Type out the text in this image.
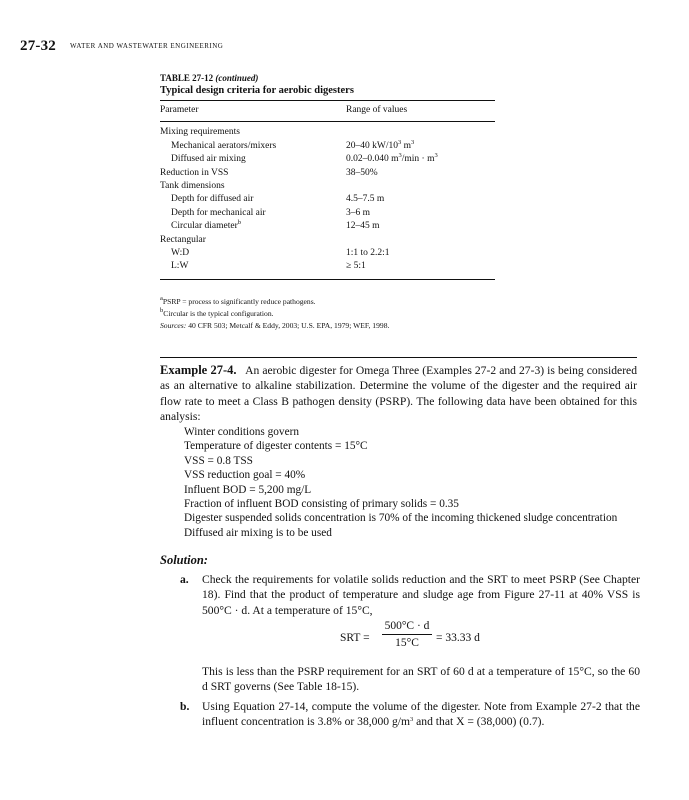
27-32 WATER AND WASTEWATER ENGINEERING
TABLE 27-12 (continued)
Typical design criteria for aerobic digesters
Parameter	Range of values
Mixing requirements
Mechanical aerators/mixers	20–40 $kW/10^3$ $m^3$
Diffused air mixing	0.02–0.040 $m^3/\min \cdot m^3$
Reduction in VSS	38–50%
Tank dimensions
Depth for diffused air	4.5–7.5 m
Depth for mechanical air	3–6 m
Circular diameter$^b$	12–45 m
Rectangular
W:D	1:1 to 2.2:1
L:W	≥ 5:1
$^a$PSRP = process to significantly reduce pathogens.
$^b$Circular is the typical configuration.
Sources: 40 CFR 503; Metcalf & Eddy, 2003; U.S. EPA, 1979; WEF, 1998.
Example 27-4. An aerobic digester for Omega Three (Examples 27-2 and 27-3) is being considered as an alternative to alkaline stabilization. Determine the volume of the digester and the required air flow rate to meet a Class B pathogen density (PSRP). The following data have been obtained for this analysis:
Winter conditions govern
Temperature of digester contents = 15°C
VSS = 0.8 TSS
VSS reduction goal = 40%
Influent BOD = 5,200 mg/L
Fraction of influent BOD consisting of primary solids = 0.35
Digester suspended solids concentration is 70% of the incoming thickened sludge concentration
Diffused air mixing is to be used
Solution:
a. Check the requirements for volatile solids reduction and the SRT to meet PSRP (See Chapter 18). Find that the product of temperature and sludge age from Figure 27-11 at 40% VSS is 500°C · d. At a temperature of 15°C,
SRT =
500°C · d
15°C	= 33.33 d
This is less than the PSRP requirement for an SRT of 60 d at a temperature of 15°C, so the 60 d SRT governs (See Table 18-15).
b. Using Equation 27-14, compute the volume of the digester. Note from Example 27-2 that the influent concentration is 3.8% or 38,000 $g/m^3$ and that X = (38,000) (0.7).
